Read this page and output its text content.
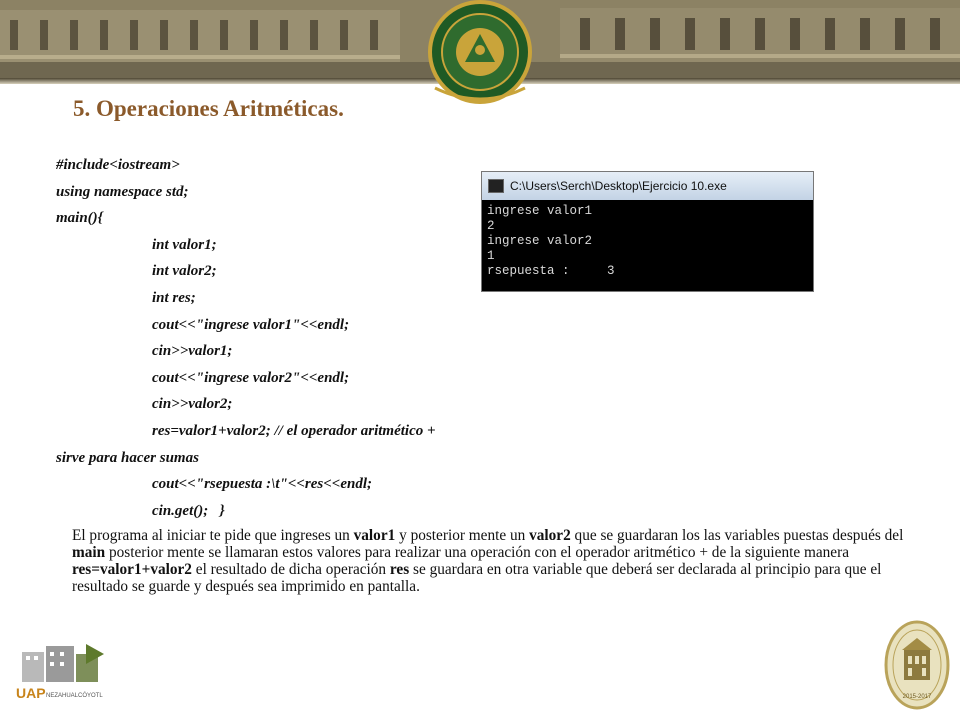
5. Operaciones Aritméticas.
#include<iostream>
using namespace std;
main(){
int valor1;
int valor2;
int res;
cout<<"ingrese valor1"<<endl;
cin>>valor1;
cout<<"ingrese valor2"<<endl;
cin>>valor2;
res=valor1+valor2; // el operador aritmético +
sirve para hacer sumas
cout<<"rsepuesta :\t"<<res<<endl;
cin.get();   }
C:\Users\Serch\Desktop\Ejercicio 10.exe
ingrese valor1
2
ingrese valor2
1
rsepuesta :     3
El programa al iniciar te pide que ingreses un valor1 y posterior mente un valor2 que se guardaran los las variables puestas después del main posterior mente se llamaran estos valores para realizar una operación con el operador aritmético + de la siguiente manera res=valor1+valor2 el resultado de dicha operación res se guardara en otra variable que deberá ser declarada al principio para que el resultado se guarde y después sea imprimido en pantalla.
UAP NEZAHUALCÓYOTL	2015-2017
